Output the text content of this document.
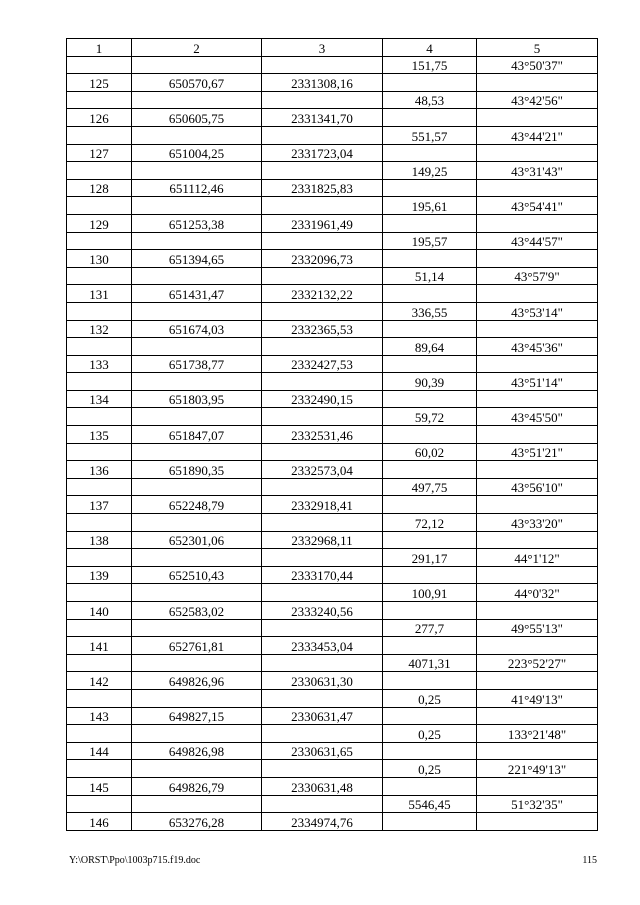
1	2	3	4	5
			151,75	43°50'37"
125	650570,67	2331308,16		
			48,53	43°42'56"
126	650605,75	2331341,70		
			551,57	43°44'21"
127	651004,25	2331723,04		
			149,25	43°31'43"
128	651112,46	2331825,83		
			195,61	43°54'41"
129	651253,38	2331961,49		
			195,57	43°44'57"
130	651394,65	2332096,73		
			51,14	43°57'9"
131	651431,47	2332132,22		
			336,55	43°53'14"
132	651674,03	2332365,53		
			89,64	43°45'36"
133	651738,77	2332427,53		
			90,39	43°51'14"
134	651803,95	2332490,15		
			59,72	43°45'50"
135	651847,07	2332531,46		
			60,02	43°51'21"
136	651890,35	2332573,04		
			497,75	43°56'10"
137	652248,79	2332918,41		
			72,12	43°33'20"
138	652301,06	2332968,11		
			291,17	44°1'12"
139	652510,43	2333170,44		
			100,91	44°0'32"
140	652583,02	2333240,56		
			277,7	49°55'13"
141	652761,81	2333453,04		
			4071,31	223°52'27"
142	649826,96	2330631,30		
			0,25	41°49'13"
143	649827,15	2330631,47		
			0,25	133°21'48"
144	649826,98	2330631,65		
			0,25	221°49'13"
145	649826,79	2330631,48		
			5546,45	51°32'35"
146	653276,28	2334974,76		
Y:\ORST\Ppo\1003p715.f19.doc	115
